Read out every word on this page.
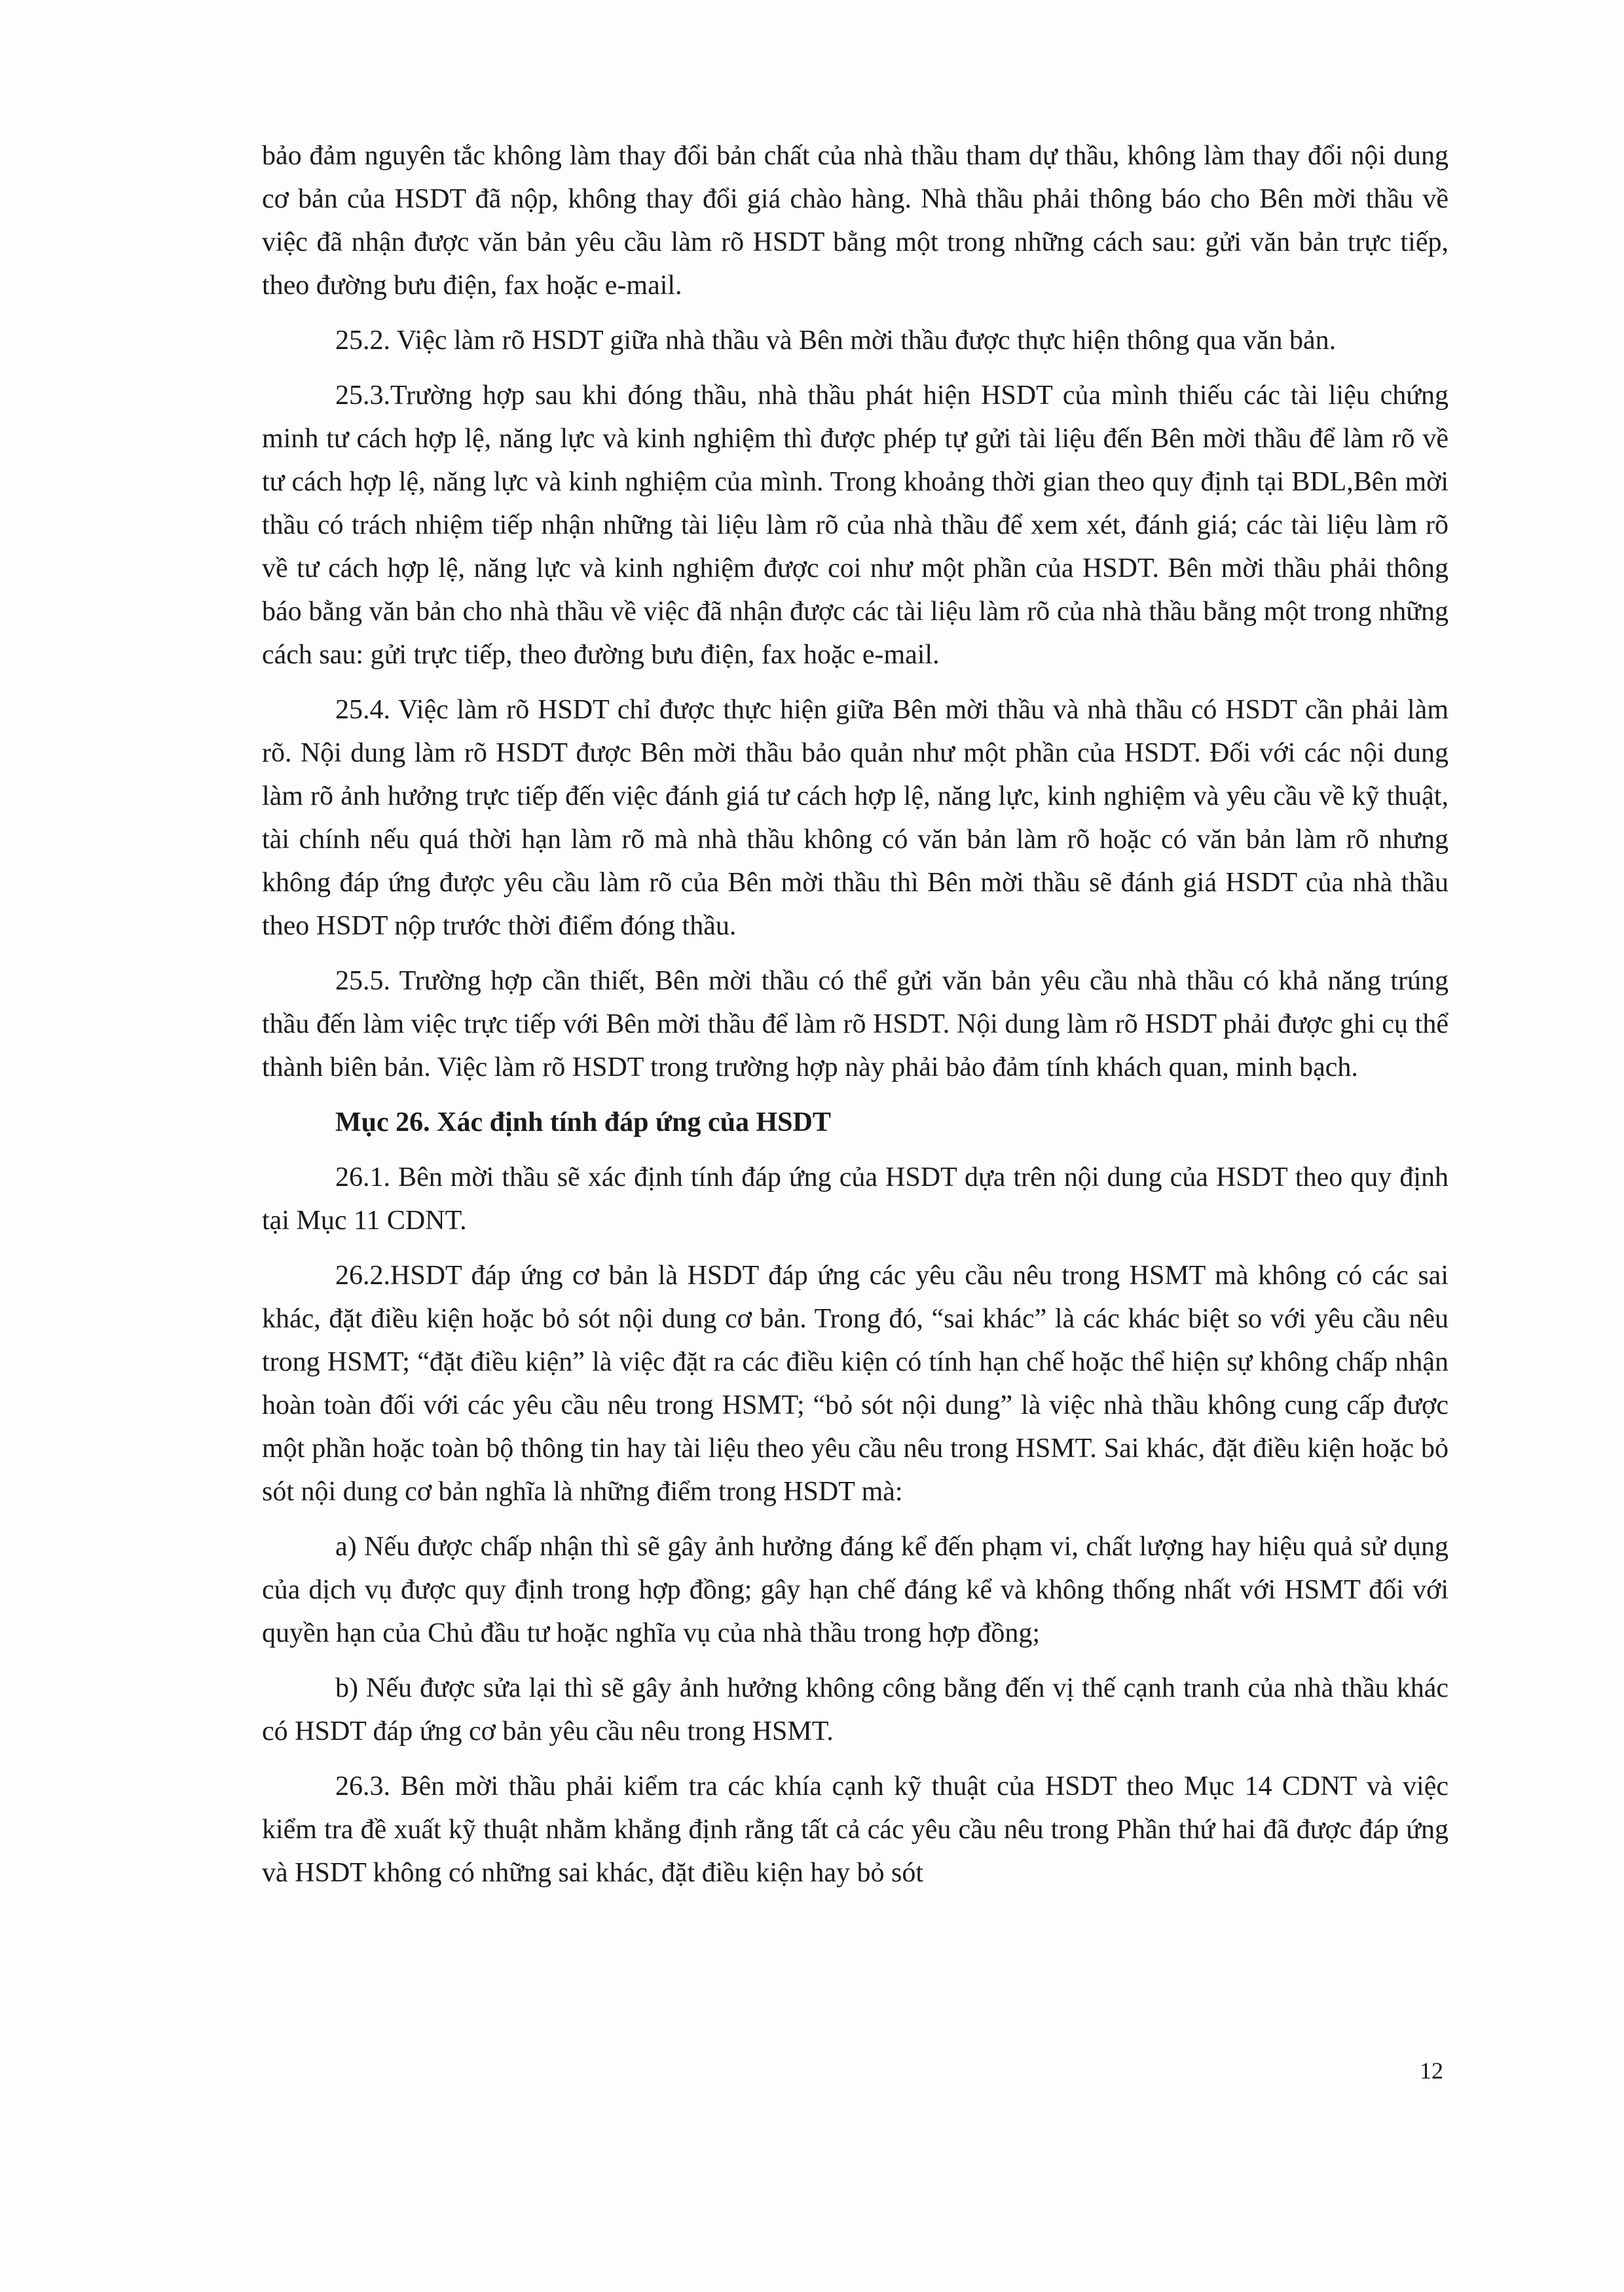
bảo đảm nguyên tắc không làm thay đổi bản chất của nhà thầu tham dự thầu, không làm thay đổi nội dung cơ bản của HSDT đã nộp, không thay đổi giá chào hàng. Nhà thầu phải thông báo cho Bên mời thầu về việc đã nhận được văn bản yêu cầu làm rõ HSDT bằng một trong những cách sau: gửi văn bản trực tiếp, theo đường bưu điện, fax hoặc e-mail.

25.2. Việc làm rõ HSDT giữa nhà thầu và Bên mời thầu được thực hiện thông qua văn bản.

25.3.Trường hợp sau khi đóng thầu, nhà thầu phát hiện HSDT của mình thiếu các tài liệu chứng minh tư cách hợp lệ, năng lực và kinh nghiệm thì được phép tự gửi tài liệu đến Bên mời thầu để làm rõ về tư cách hợp lệ, năng lực và kinh nghiệm của mình. Trong khoảng thời gian theo quy định tại BDL,Bên mời thầu có trách nhiệm tiếp nhận những tài liệu làm rõ của nhà thầu để xem xét, đánh giá; các tài liệu làm rõ về tư cách hợp lệ, năng lực và kinh nghiệm được coi như một phần của HSDT. Bên mời thầu phải thông báo bằng văn bản cho nhà thầu về việc đã nhận được các tài liệu làm rõ của nhà thầu bằng một trong những cách sau: gửi trực tiếp, theo đường bưu điện, fax hoặc e-mail.

25.4. Việc làm rõ HSDT chỉ được thực hiện giữa Bên mời thầu và nhà thầu có HSDT cần phải làm rõ. Nội dung làm rõ HSDT được Bên mời thầu bảo quản như một phần của HSDT. Đối với các nội dung làm rõ ảnh hưởng trực tiếp đến việc đánh giá tư cách hợp lệ, năng lực, kinh nghiệm và yêu cầu về kỹ thuật, tài chính nếu quá thời hạn làm rõ mà nhà thầu không có văn bản làm rõ hoặc có văn bản làm rõ nhưng không đáp ứng được yêu cầu làm rõ của Bên mời thầu thì Bên mời thầu sẽ đánh giá HSDT của nhà thầu theo HSDT nộp trước thời điểm đóng thầu.

25.5. Trường hợp cần thiết, Bên mời thầu có thể gửi văn bản yêu cầu nhà thầu có khả năng trúng thầu đến làm việc trực tiếp với Bên mời thầu để làm rõ HSDT. Nội dung làm rõ HSDT phải được ghi cụ thể thành biên bản. Việc làm rõ HSDT trong trường hợp này phải bảo đảm tính khách quan, minh bạch.

Mục 26. Xác định tính đáp ứng của HSDT

26.1. Bên mời thầu sẽ xác định tính đáp ứng của HSDT dựa trên nội dung của HSDT theo quy định tại Mục 11 CDNT.

26.2.HSDT đáp ứng cơ bản là HSDT đáp ứng các yêu cầu nêu trong HSMT mà không có các sai khác, đặt điều kiện hoặc bỏ sót nội dung cơ bản. Trong đó, “sai khác” là các khác biệt so với yêu cầu nêu trong HSMT; “đặt điều kiện” là việc đặt ra các điều kiện có tính hạn chế hoặc thể hiện sự không chấp nhận hoàn toàn đối với các yêu cầu nêu trong HSMT; “bỏ sót nội dung” là việc nhà thầu không cung cấp được một phần hoặc toàn bộ thông tin hay tài liệu theo yêu cầu nêu trong HSMT. Sai khác, đặt điều kiện hoặc bỏ sót nội dung cơ bản nghĩa là những điểm trong HSDT mà:

a) Nếu được chấp nhận thì sẽ gây ảnh hưởng đáng kể đến phạm vi, chất lượng hay hiệu quả sử dụng của dịch vụ được quy định trong hợp đồng; gây hạn chế đáng kể và không thống nhất với HSMT đối với quyền hạn của Chủ đầu tư hoặc nghĩa vụ của nhà thầu trong hợp đồng;

b) Nếu được sửa lại thì sẽ gây ảnh hưởng không công bằng đến vị thế cạnh tranh của nhà thầu khác có HSDT đáp ứng cơ bản yêu cầu nêu trong HSMT.

26.3. Bên mời thầu phải kiểm tra các khía cạnh kỹ thuật của HSDT theo Mục 14 CDNT và việc kiểm tra đề xuất kỹ thuật nhằm khẳng định rằng tất cả các yêu cầu nêu trong Phần thứ hai đã được đáp ứng và HSDT không có những sai khác, đặt điều kiện hay bỏ sót

12
